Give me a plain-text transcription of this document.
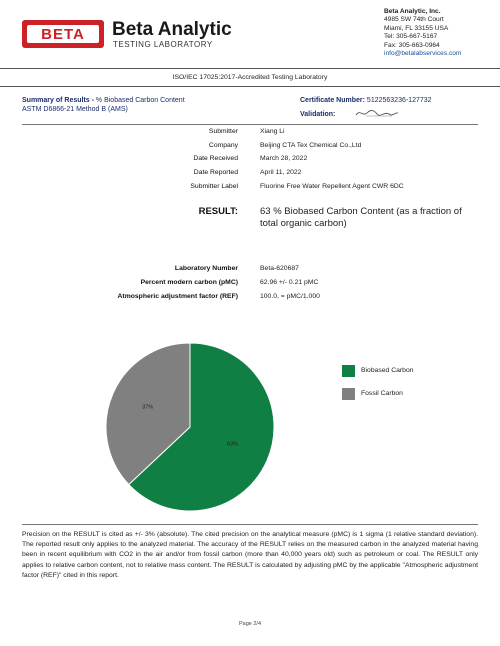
BETA Beta Analytic
TESTING LABORATORY
Beta Analytic, Inc.
4985 SW 74th Court
Miami, FL 33155 USA
Tel: 305-667-5167
Fax: 305-663-0964
info@betalabservices.com
ISO/IEC 17025:2017-Accredited Testing Laboratory
Summary of Results - % Biobased Carbon Content
ASTM D6866-21 Method B (AMS)
Certificate Number: 5122563236-127732
Validation:
Submitter	Xiang Li
Company	Beijing CTA Tex Chemical Co.,Ltd
Date Received	March 28, 2022
Date Reported	April 11, 2022
Submitter Label	Fluorine Free Water Repellent Agent CWR 6DC
RESULT: 63 % Biobased Carbon Content (as a fraction of total organic carbon)
Laboratory Number	Beta-620687
Percent modern carbon (pMC)	62.96 +/- 0.21 pMC
Atmospheric adjustment factor (REF)	100.0, = pMC/1.000
63%
37%
Biobased Carbon
Fossil Carbon
Precision on the RESULT is cited as +/- 3% (absolute). The cited precision on the analytical measure (pMC) is 1 sigma (1 relative standard deviation). The reported result only applies to the analyzed material. The accuracy of the RESULT relies on the measured carbon in the analyzed material having been in recent equilibrium with CO2 in the air and/or from fossil carbon (more than 40,000 years old) such as petroleum or coal. The RESULT only applies to relative carbon content, not to relative mass content. The RESULT is calculated by adjusting pMC by the applicable "Atmospheric adjustment factor (REF)" cited in this report.
Page 2/4
